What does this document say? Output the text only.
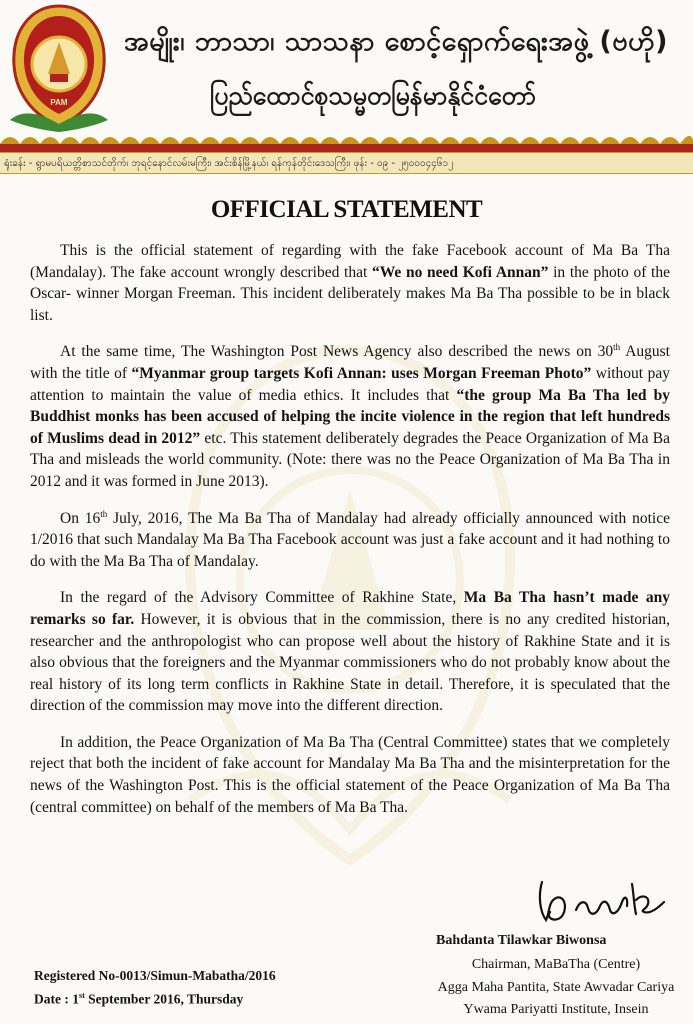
PAM
အမျိုး၊ ဘာသာ၊ သာသနာ စောင့်ရှောက်ရေးအဖွဲ့ (ဗဟို)
ပြည်ထောင်စုသမ္မတမြန်မာနိုင်ငံတော်
ရုံးခန်း - ရွာမပရိယတ္တိစာသင်တိုက်၊ ဘုရင့်နောင်လမ်းမကြီး၊ အင်းစိန်မြို့နယ်၊ ရန်ကုန်တိုင်းဒေသကြီး၊ ဖုန်း - ၀၉ - ၂၅၀၀၀၄၄၆၁၂
OFFICIAL STATEMENT

This is the official statement of regarding with the fake Facebook account of Ma Ba Tha (Mandalay). The fake account wrongly described that “We no need Kofi Annan” in the photo of the Oscar- winner Morgan Freeman. This incident deliberately makes Ma Ba Tha possible to be in black list.

At the same time, The Washington Post News Agency also described the news on 30th August with the title of “Myanmar group targets Kofi Annan: uses Morgan Freeman Photo” without pay attention to maintain the value of media ethics. It includes that “the group Ma Ba Tha led by Buddhist monks has been accused of helping the incite violence in the region that left hundreds of Muslims dead in 2012” etc. This statement deliberately degrades the Peace Organization of Ma Ba Tha and misleads the world community. (Note: there was no the Peace Organization of Ma Ba Tha in 2012 and it was formed in June 2013).

On 16th July, 2016, The Ma Ba Tha of Mandalay had already officially announced with notice 1/2016 that such Mandalay Ma Ba Tha Facebook account was just a fake account and it had nothing to do with the Ma Ba Tha of Mandalay.

In the regard of the Advisory Committee of Rakhine State, Ma Ba Tha hasn’t made any remarks so far. However, it is obvious that in the commission, there is no any credited historian, researcher and the anthropologist who can propose well about the history of Rakhine State and it is also obvious that the foreigners and the Myanmar commissioners who do not probably know about the real history of its long term conflicts in Rakhine State in detail. Therefore, it is speculated that the direction of the commission may move into the different direction.

In addition, the Peace Organization of Ma Ba Tha (Central Committee) states that we completely reject that both the incident of fake account for Mandalay Ma Ba Tha and the misinterpretation for the news of the Washington Post. This is the official statement of the Peace Organization of Ma Ba Tha (central committee) on behalf of the members of Ma Ba Tha.

Bahdanta Tilawkar Biwonsa
Chairman, MaBaTha (Centre)
Agga Maha Pantita, State Awvadar Cariya
Ywama Pariyatti Institute, Insein
Registered No-0013/Simun-Mabatha/2016
Date : 1st September 2016, Thursday
